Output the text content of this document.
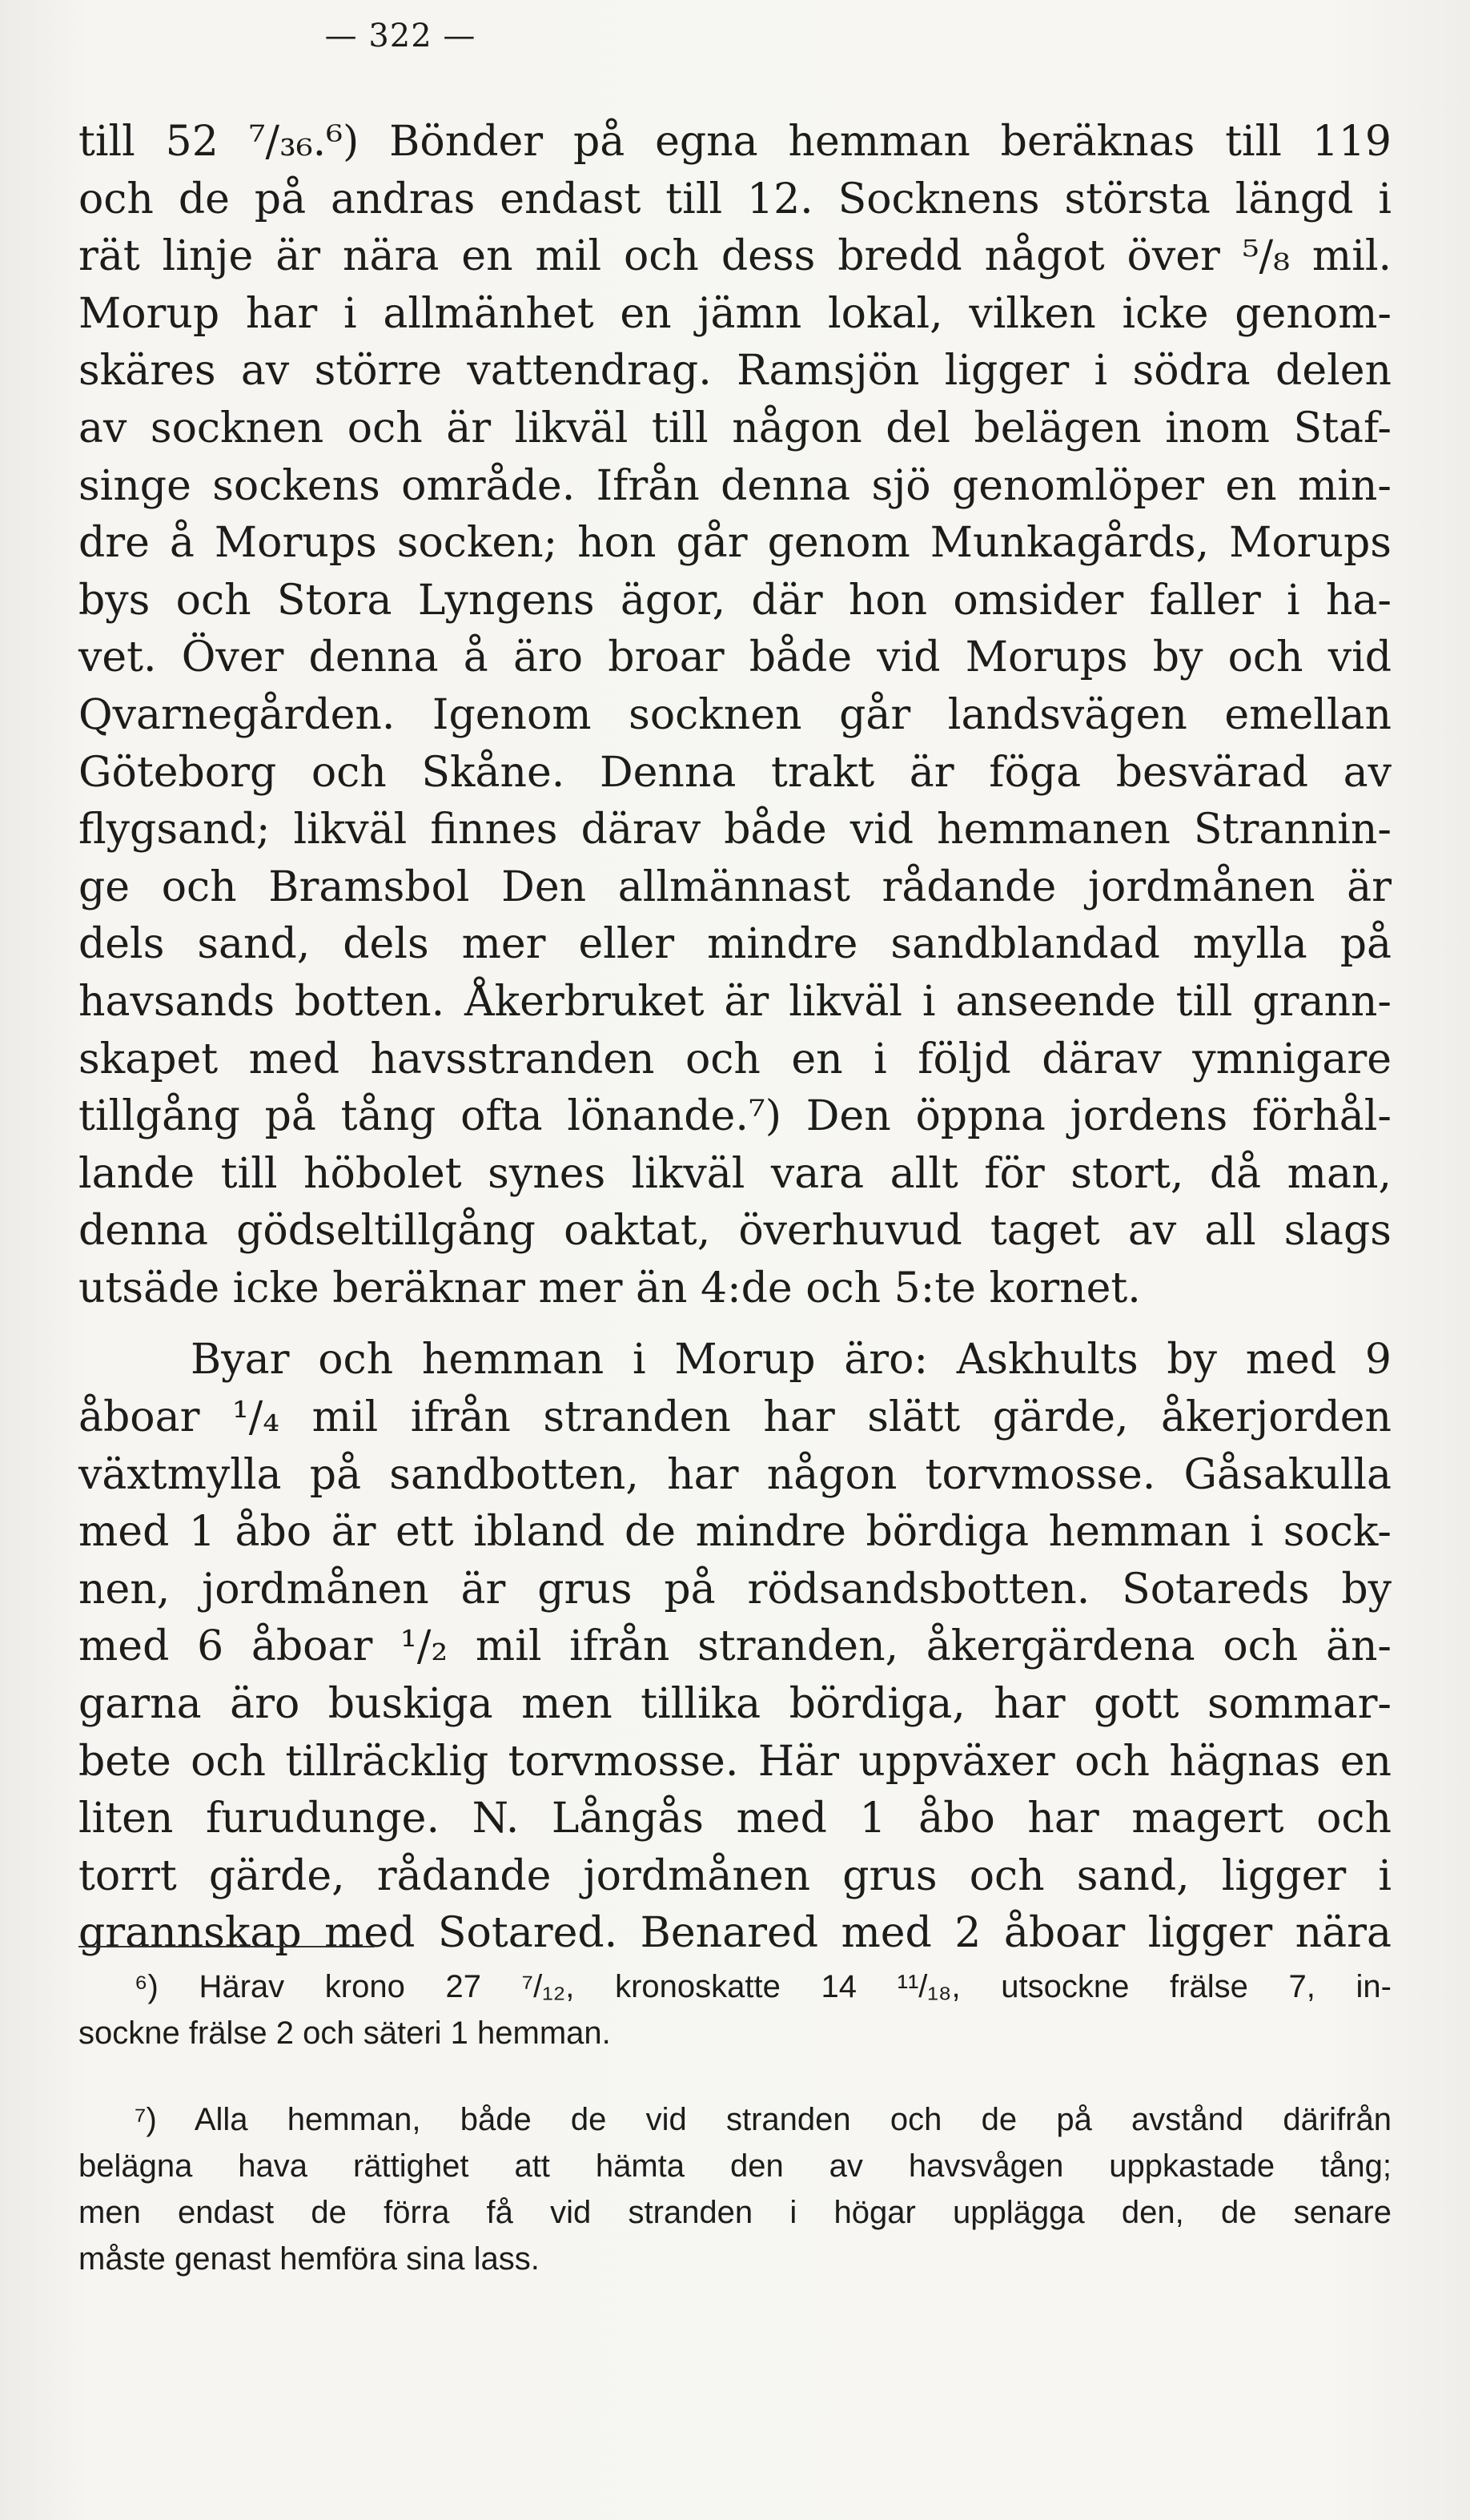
— 322 —
till 52 ⁷/₃₆.⁶) Bönder på egna hemman beräknas till 119
och de på andras endast till 12. Socknens största längd i
rät linje är nära en mil och dess bredd något över ⁵/₈ mil.
Morup har i allmänhet en jämn lokal, vilken icke genom-
skäres av större vattendrag. Ramsjön ligger i södra delen
av socknen och är likväl till någon del belägen inom Staf-
singe sockens område. Ifrån denna sjö genomlöper en min-
dre å Morups socken; hon går genom Munkagårds, Morups
bys och Stora Lyngens ägor, där hon omsider faller i ha-
vet. Över denna å äro broar både vid Morups by och vid
Qvarnegården. Igenom socknen går landsvägen emellan
Göteborg och Skåne. Denna trakt är föga besvärad av
flygsand; likväl finnes därav både vid hemmanen Strannin-
ge och Bramsbol Den allmännast rådande jordmånen är
dels sand, dels mer eller mindre sandblandad mylla på
havsands botten. Åkerbruket är likväl i anseende till grann-
skapet med havsstranden och en i följd därav ymnigare
tillgång på tång ofta lönande.⁷) Den öppna jordens förhål-
lande till höbolet synes likväl vara allt för stort, då man,
denna gödseltillgång oaktat, överhuvud taget av all slags
utsäde icke beräknar mer än 4:de och 5:te kornet.
Byar och hemman i Morup äro: Askhults by med 9
åboar ¹/₄ mil ifrån stranden har slätt gärde, åkerjorden
växtmylla på sandbotten, har någon torvmosse. Gåsakulla
med 1 åbo är ett ibland de mindre bördiga hemman i sock-
nen, jordmånen är grus på rödsandsbotten. Sotareds by
med 6 åboar ¹/₂ mil ifrån stranden, åkergärdena och än-
garna äro buskiga men tillika bördiga, har gott sommar-
bete och tillräcklig torvmosse. Här uppväxer och hägnas en
liten furudunge. N. Långås med 1 åbo har magert och
torrt gärde, rådande jordmånen grus och sand, ligger i
grannskap med Sotared. Benared med 2 åboar ligger nära
⁶) Härav krono 27 ⁷/₁₂, kronoskatte 14 ¹¹/₁₈, utsockne frälse 7, in-
sockne frälse 2 och säteri 1 hemman.
⁷) Alla hemman, både de vid stranden och de på avstånd därifrån
belägna hava rättighet att hämta den av havsvågen uppkastade tång;
men endast de förra få vid stranden i högar upplägga den, de senare
måste genast hemföra sina lass.
